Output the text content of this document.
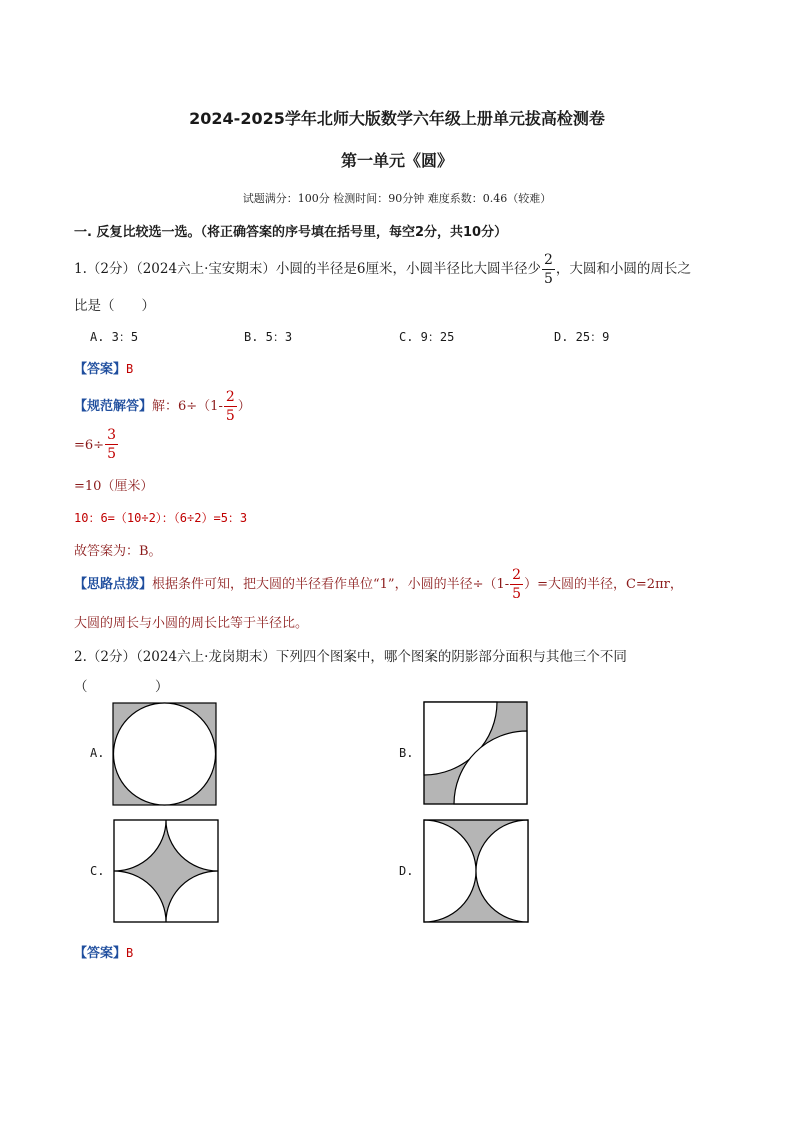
2024-2025学年北师大版数学六年级上册单元拔高检测卷
第一单元《圆》
试题满分：100分 检测时间：90分钟 难度系数：0.46（较难）
一. 反复比较选一选。（将正确答案的序号填在括号里，每空2分，共10分）
1.（2分）（2024六上·宝安期末）小圆的半径是6厘米，小圆半径比大圆半径少 $\frac{2}{5}$ ，大圆和小圆的周长之
比是（　　）
A. 3：5	B. 5：3	C. 9：25	D. 25：9
【答案】B
【规范解答】解：$6\div(1- \frac{2}{5}$ ）
$=6\div \frac{3}{5}$
=10（厘米）
10：6=（10÷2）：（6÷2）=5：3
故答案为：B。
【思路点拨】根据条件可知，把大圆的半径看作单位“1”，小圆的半径$\div(1- \frac{2}{5}$ ）=大圆的半径，C=2πr，
大圆的周长与小圆的周长比等于半径比。
2.（2分）（2024六上·龙岗期末）下列四个图案中，哪个图案的阴影部分面积与其他三个不同
（　　　　　）
A.	B.
C.	D.
【答案】B
